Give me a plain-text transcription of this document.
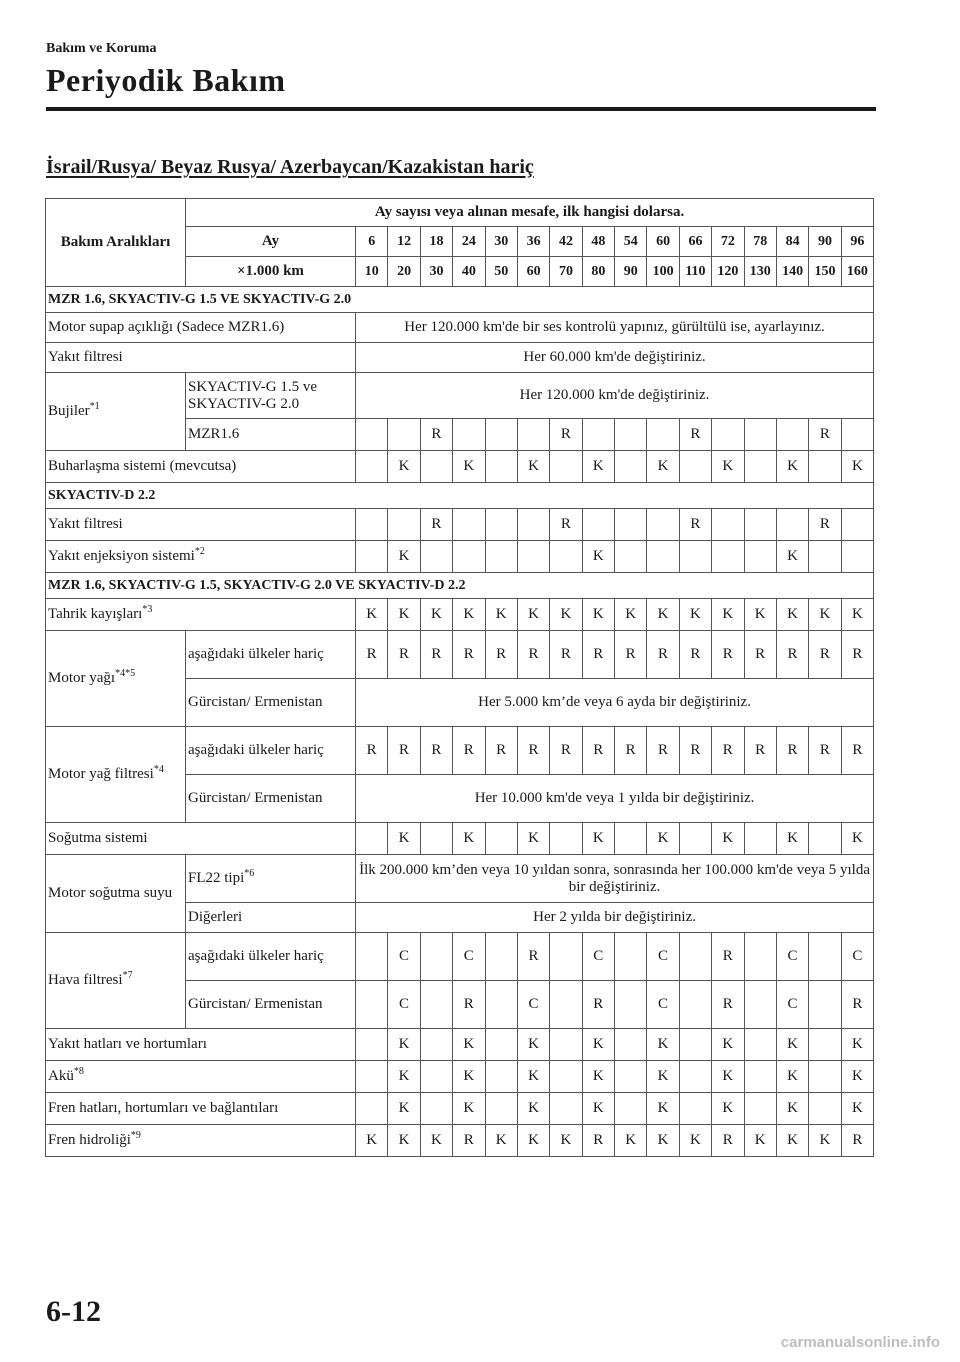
Bakım ve Koruma
Periyodik Bakım
İsrail/Rusya/ Beyaz Rusya/ Azerbaycan/Kazakistan hariç
Bakım Aralıkları	Ay sayısı veya alınan mesafe, ilk hangisi dolarsa.																
	Ay	6	12	18	24	30	36	42	48	54	60	66	72	78	84	90	96
	×1.000 km	10	20	30	40	50	60	70	80	90	100	110	120	130	140	150	160
MZR 1.6, SKYACTIV-G 1.5 VE SKYACTIV-G 2.0																	
Motor supap açıklığı (Sadece MZR1.6)		Her 120.000 km'de bir ses kontrolü yapınız, gürültülü ise, ayarlayınız.															
Yakıt filtresi		Her 60.000 km'de değiştiriniz.															
Bujiler$^{*1}$	SKYACTIV-G 1.5 ve SKYACTIV-G 2.0	Her 120.000 km'de değiştiriniz.															
	MZR1.6			R				R				R				R	
Buharlaşma sistemi (mevcutsa)			K		K		K		K		K		K		K		K
SKYACTIV-D 2.2																	
Yakıt filtresi				R				R				R				R	
Yakıt enjeksiyon sistemi$^{*2}$			K						K						K		
MZR 1.6, SKYACTIV-G 1.5, SKYACTIV-G 2.0 VE SKYACTIV-D 2.2																	
Tahrik kayışları$^{*3}$		K	K	K	K	K	K	K	K	K	K	K	K	K	K	K	K
Motor yağı$^{*4*5}$	aşağıdaki ülkeler hariç	R	R	R	R	R	R	R	R	R	R	R	R	R	R	R	R
	Gürcistan/ Ermenistan	Her 5.000 km’de veya 6 ayda bir değiştiriniz.															
Motor yağ filtresi$^{*4}$	aşağıdaki ülkeler hariç	R	R	R	R	R	R	R	R	R	R	R	R	R	R	R	R
	Gürcistan/ Ermenistan	Her 10.000 km'de veya 1 yılda bir değiştiriniz.															
Soğutma sistemi			K		K		K		K		K		K		K		K
Motor soğutma suyu	FL22 tipi$^{*6}$	İlk 200.000 km’den veya 10 yıldan sonra, sonrasında her 100.000 km'de veya 5 yılda bir değiştiriniz.															
	Diğerleri	Her 2 yılda bir değiştiriniz.															
Hava filtresi$^{*7}$	aşağıdaki ülkeler hariç		C		C		R		C		C		R		C		C
	Gürcistan/ Ermenistan		C		R		C		R		C		R		C		R
Yakıt hatları ve hortumları			K		K		K		K		K		K		K		K
Akü$^{*8}$			K		K		K		K		K		K		K		K
Fren hatları, hortumları ve bağlantıları			K		K		K		K		K		K		K		K
Fren hidroliği$^{*9}$		K	K	K	R	K	K	K	R	K	K	K	R	K	K	K	R
6-12
carmanualsonline.info
